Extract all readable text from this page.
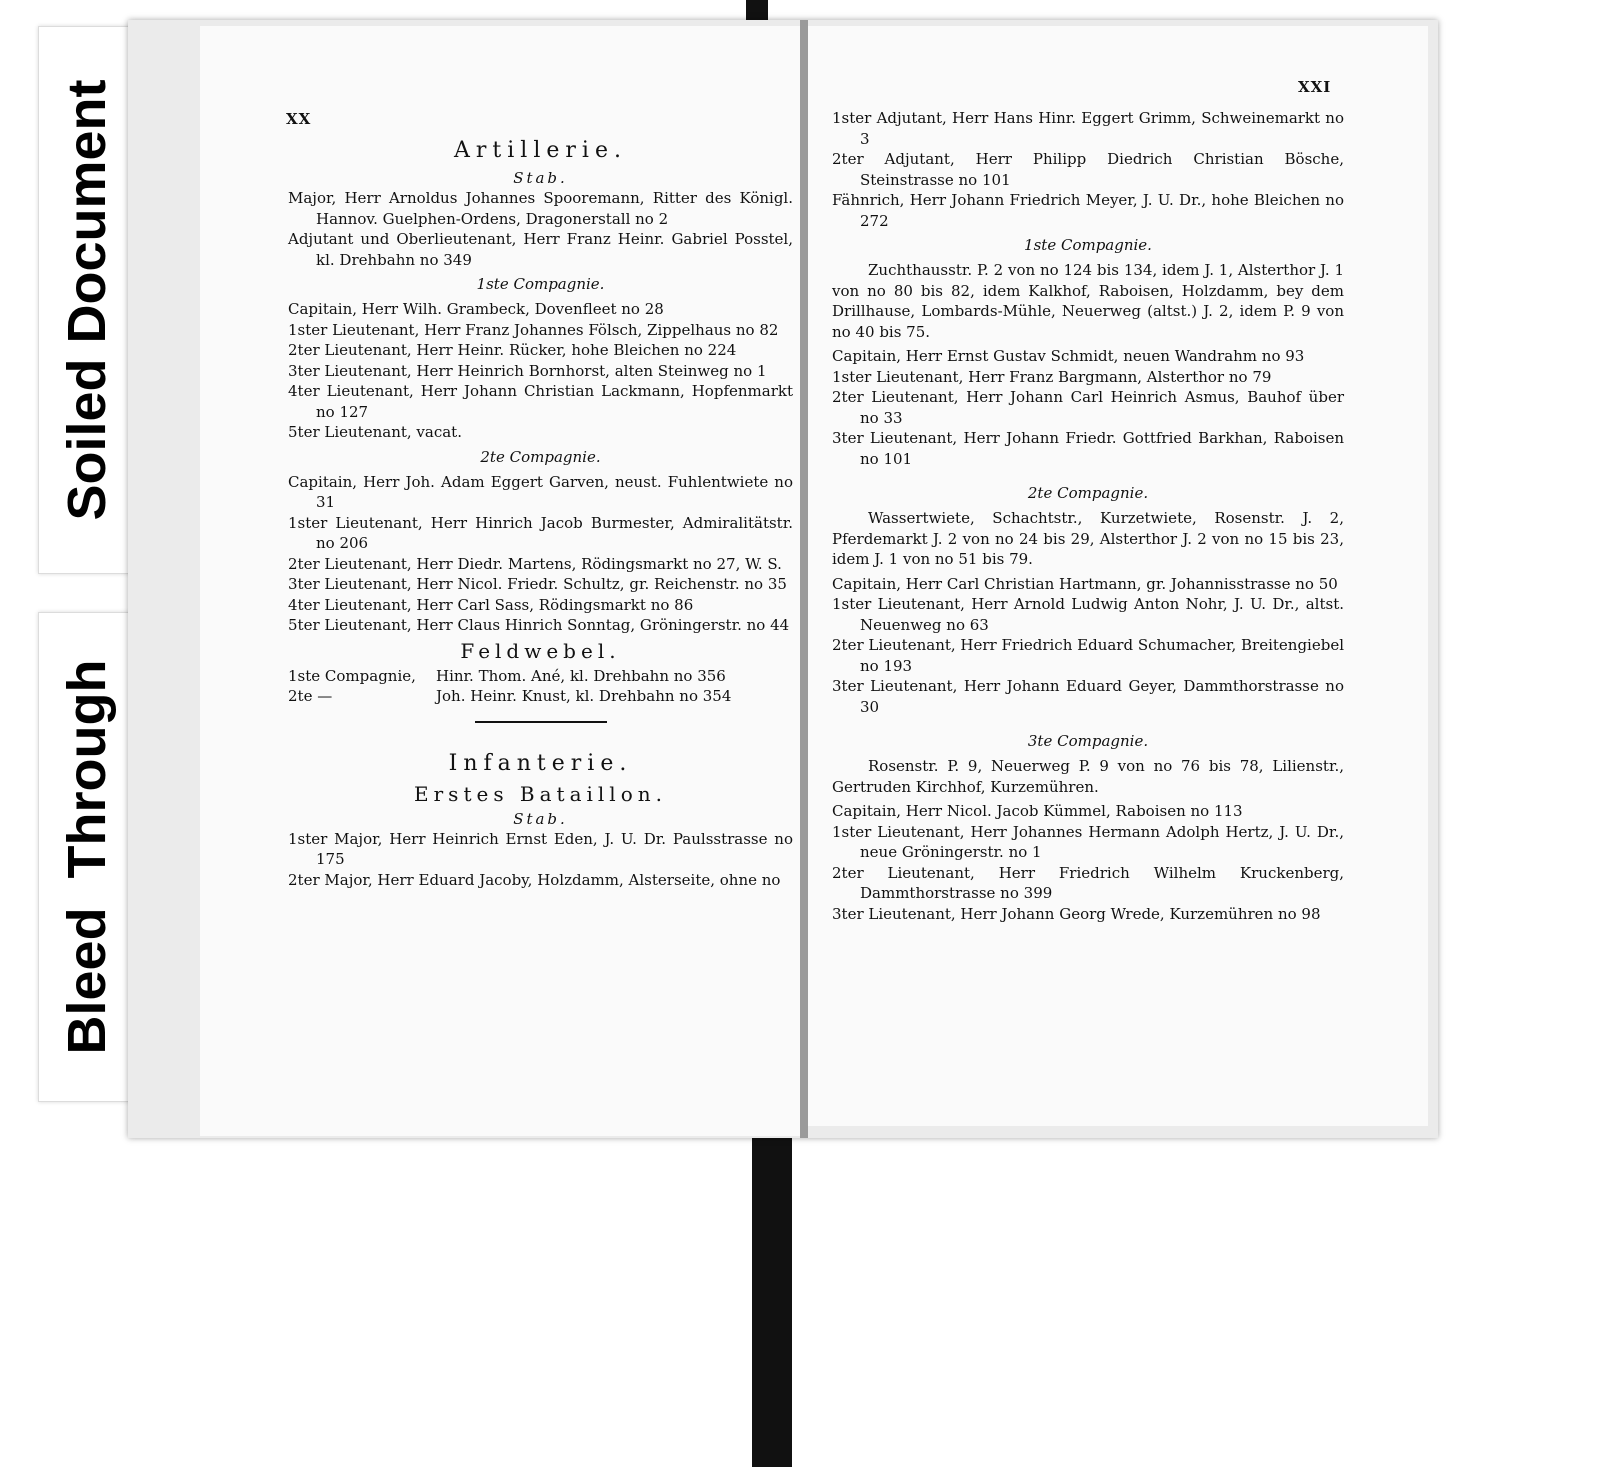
Soiled Document
Bleed Through
XX
XXI
Artillerie.
Stab.
Major, Herr Arnoldus Johannes Spooremann, Ritter des Königl. Hannov. Guelphen-Ordens, Dragonerstall no 2
Adjutant und Oberlieutenant, Herr Franz Heinr. Gabriel Posstel, kl. Drehbahn no 349
1ste Compagnie.
Capitain, Herr Wilh. Grambeck, Dovenfleet no 28
1ster Lieutenant, Herr Franz Johannes Fölsch, Zippelhaus no 82
2ter Lieutenant, Herr Heinr. Rücker, hohe Bleichen no 224
3ter Lieutenant, Herr Heinrich Bornhorst, alten Steinweg no 1
4ter Lieutenant, Herr Johann Christian Lackmann, Hopfenmarkt no 127
5ter Lieutenant, vacat.
2te Compagnie.
Capitain, Herr Joh. Adam Eggert Garven, neust. Fuhlentwiete no 31
1ster Lieutenant, Herr Hinrich Jacob Burmester, Admiralitätstr. no 206
2ter Lieutenant, Herr Diedr. Martens, Rödingsmarkt no 27, W. S.
3ter Lieutenant, Herr Nicol. Friedr. Schultz, gr. Reichenstr. no 35
4ter Lieutenant, Herr Carl Sass, Rödingsmarkt no 86
5ter Lieutenant, Herr Claus Hinrich Sonntag, Gröningerstr. no 44
Feldwebel.
1ste Compagnie,	Hinr. Thom. Ané, kl. Drehbahn no 356
2te —	Joh. Heinr. Knust, kl. Drehbahn no 354
Infanterie.
Erstes Bataillon.
Stab.
1ster Major, Herr Heinrich Ernst Eden, J. U. Dr. Paulsstrasse no 175
2ter Major, Herr Eduard Jacoby, Holzdamm, Alsterseite, ohne no
1ster Adjutant, Herr Hans Hinr. Eggert Grimm, Schweinemarkt no 3
2ter Adjutant, Herr Philipp Diedrich Christian Bösche, Steinstrasse no 101
Fähnrich, Herr Johann Friedrich Meyer, J. U. Dr., hohe Bleichen no 272
1ste Compagnie.
Zuchthausstr. P. 2 von no 124 bis 134, idem J. 1, Alsterthor J. 1 von no 80 bis 82, idem Kalkhof, Raboisen, Holzdamm, bey dem Drillhause, Lombards-Mühle, Neuerweg (altst.) J. 2, idem P. 9 von no 40 bis 75.
Capitain, Herr Ernst Gustav Schmidt, neuen Wandrahm no 93
1ster Lieutenant, Herr Franz Bargmann, Alsterthor no 79
2ter Lieutenant, Herr Johann Carl Heinrich Asmus, Bauhof über no 33
3ter Lieutenant, Herr Johann Friedr. Gottfried Barkhan, Raboisen no 101
2te Compagnie.
Wassertwiete, Schachtstr., Kurzetwiete, Rosenstr. J. 2, Pferdemarkt J. 2 von no 24 bis 29, Alsterthor J. 2 von no 15 bis 23, idem J. 1 von no 51 bis 79.
Capitain, Herr Carl Christian Hartmann, gr. Johannisstrasse no 50
1ster Lieutenant, Herr Arnold Ludwig Anton Nohr, J. U. Dr., altst. Neuenweg no 63
2ter Lieutenant, Herr Friedrich Eduard Schumacher, Breitengiebel no 193
3ter Lieutenant, Herr Johann Eduard Geyer, Dammthorstrasse no 30
3te Compagnie.
Rosenstr. P. 9, Neuerweg P. 9 von no 76 bis 78, Lilienstr., Gertruden Kirchhof, Kurzemühren.
Capitain, Herr Nicol. Jacob Kümmel, Raboisen no 113
1ster Lieutenant, Herr Johannes Hermann Adolph Hertz, J. U. Dr., neue Gröningerstr. no 1
2ter Lieutenant, Herr Friedrich Wilhelm Kruckenberg, Dammthorstrasse no 399
3ter Lieutenant, Herr Johann Georg Wrede, Kurzemühren no 98
